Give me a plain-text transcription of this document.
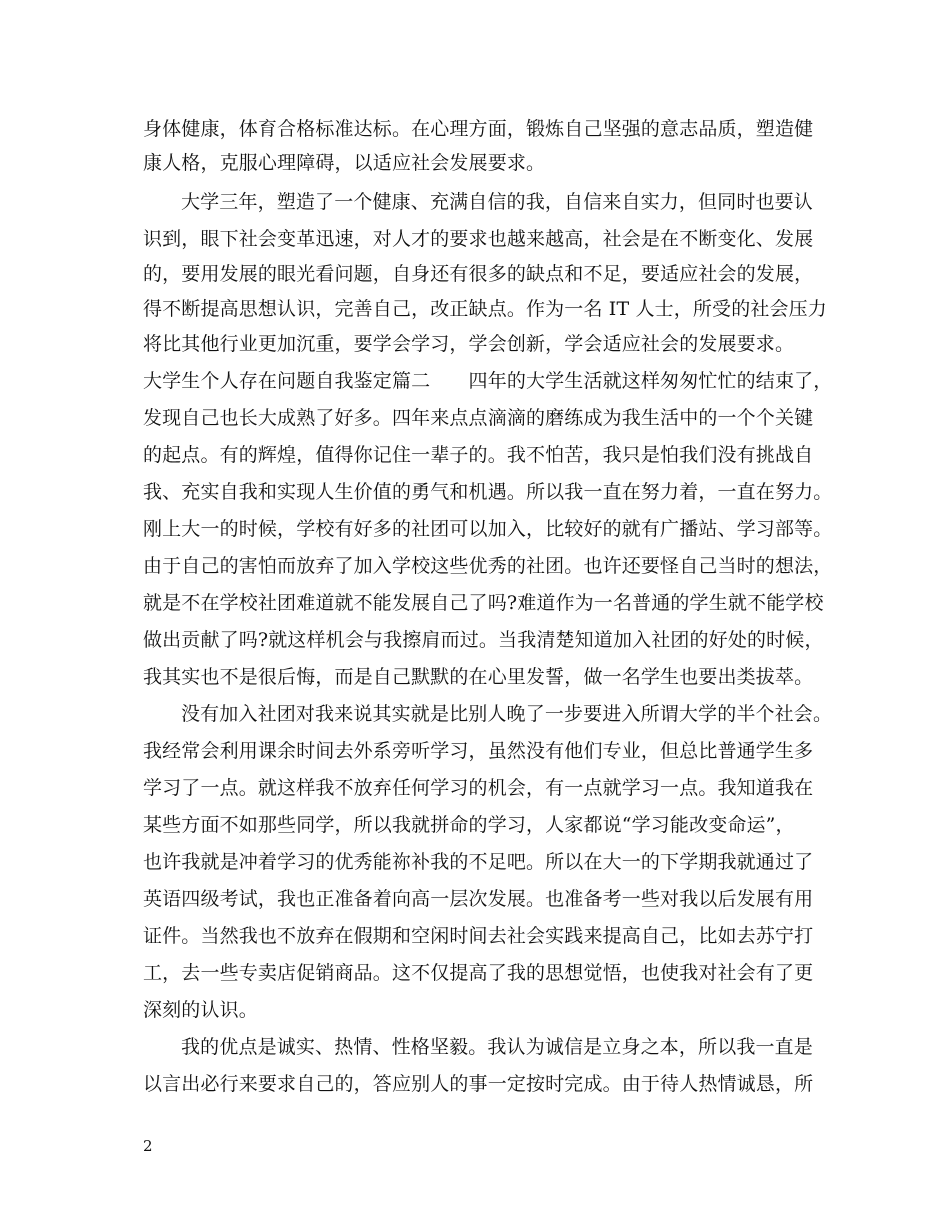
身体健康，体育合格标准达标。在心理方面，锻炼自己坚强的意志品质，塑造健
康人格，克服心理障碍，以适应社会发展要求。
大学三年，塑造了一个健康、充满自信的我，自信来自实力，但同时也要认
识到，眼下社会变革迅速，对人才的要求也越来越高，社会是在不断变化、发展
的，要用发展的眼光看问题，自身还有很多的缺点和不足，要适应社会的发展，
得不断提高思想认识，完善自己，改正缺点。作为一名 IT 人士，所受的社会压力
将比其他行业更加沉重，要学会学习，学会创新，学会适应社会的发展要求。
大学生个人存在问题自我鉴定篇二　　四年的大学生活就这样匆匆忙忙的结束了，
发现自己也长大成熟了好多。四年来点点滴滴的磨练成为我生活中的一个个关键
的起点。有的辉煌，值得你记住一辈子的。我不怕苦，我只是怕我们没有挑战自
我、充实自我和实现人生价值的勇气和机遇。所以我一直在努力着，一直在努力。
刚上大一的时候，学校有好多的社团可以加入，比较好的就有广播站、学习部等。
由于自己的害怕而放弃了加入学校这些优秀的社团。也许还要怪自己当时的想法，
就是不在学校社团难道就不能发展自己了吗?难道作为一名普通的学生就不能学校
做出贡献了吗?就这样机会与我擦肩而过。当我清楚知道加入社团的好处的时候，
我其实也不是很后悔，而是自己默默的在心里发誓，做一名学生也要出类拔萃。
没有加入社团对我来说其实就是比别人晚了一步要进入所谓大学的半个社会。
我经常会利用课余时间去外系旁听学习，虽然没有他们专业，但总比普通学生多
学习了一点。就这样我不放弃任何学习的机会，有一点就学习一点。我知道我在
某些方面不如那些同学，所以我就拼命的学习，人家都说“学习能改变命运”，
也许我就是冲着学习的优秀能祢补我的不足吧。所以在大一的下学期我就通过了
英语四级考试，我也正准备着向高一层次发展。也准备考一些对我以后发展有用
证件。当然我也不放弃在假期和空闲时间去社会实践来提高自己，比如去苏宁打
工，去一些专卖店促销商品。这不仅提高了我的思想觉悟，也使我对社会有了更
深刻的认识。
我的优点是诚实、热情、性格坚毅。我认为诚信是立身之本，所以我一直是
以言出必行来要求自己的，答应别人的事一定按时完成。由于待人热情诚恳，所
2
